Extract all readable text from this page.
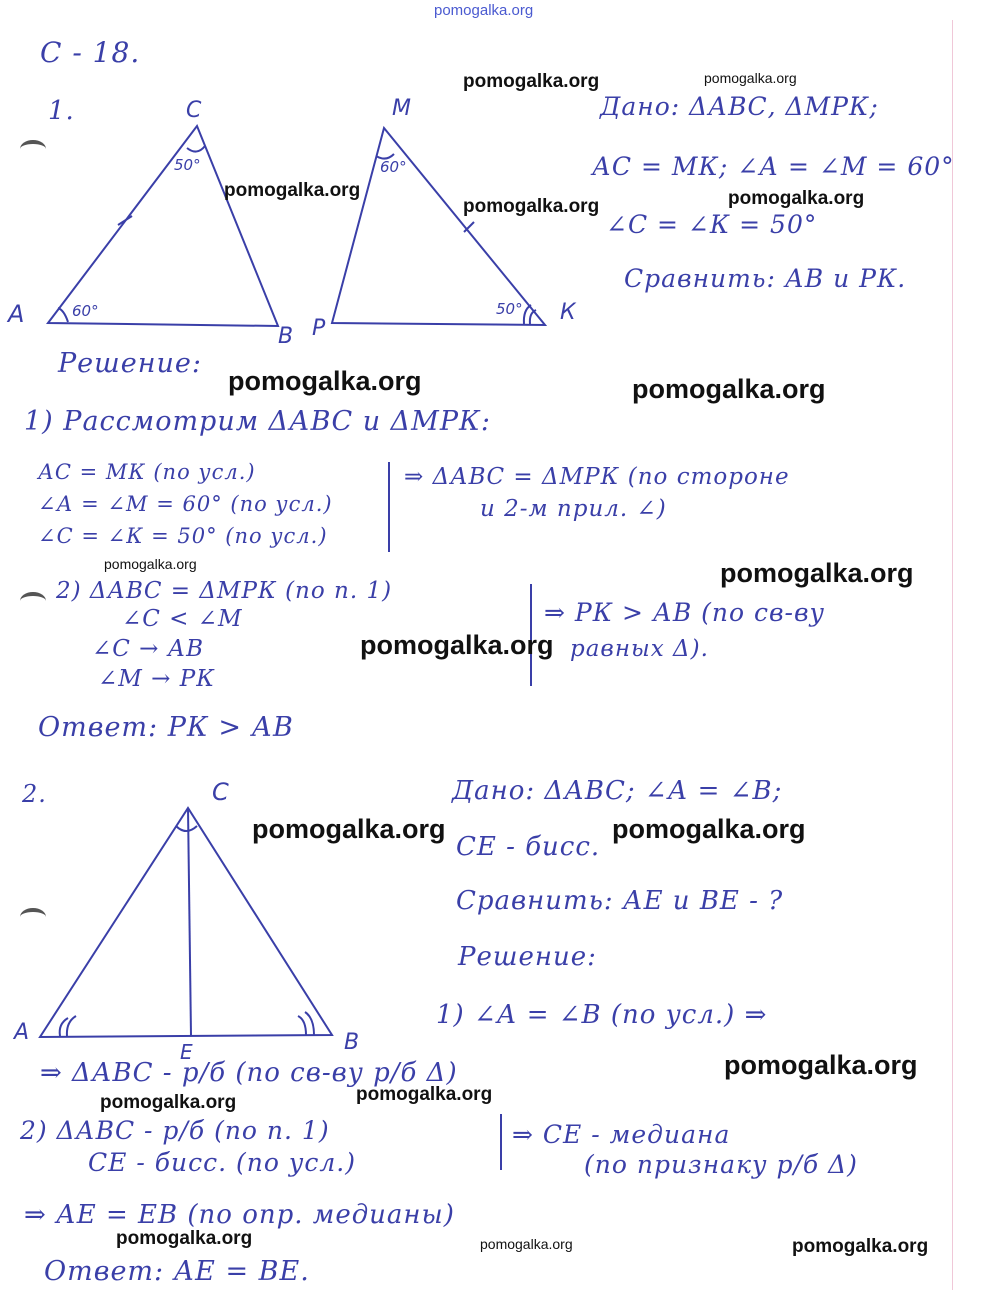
pomogalka.org
С - 18.
1.	С
А
В
50°
60°
М
Р
К
60°
50°
Дано: ΔАВС, ΔМРК;
АС = МК; ∠А = ∠М = 60°
∠С = ∠К = 50°
Сравнить: АВ и РК.
Решение:
1) Рассмотрим ΔАВС и ΔМРК:
АС = МК (по усл.)
∠А = ∠М = 60° (по усл.)
∠С = ∠К = 50° (по усл.)
⇒ ΔАВС = ΔМРК (по стороне
и 2-м прил. ∠)
2) ΔАВС = ΔМРК (по п. 1)
∠С < ∠М
∠С → АВ
∠М → РК
⇒ РК > АВ (по св-ву
равных Δ).
Ответ: РК > АВ
2.	С
А	В
Е
Дано: ΔАВС; ∠А = ∠В;
СЕ - бисс.
Сравнить: АЕ и ВЕ - ?
Решение:
1) ∠А = ∠В (по усл.) ⇒
⇒ ΔАВС - р/б (по св-ву р/б Δ)
2) ΔАВС - р/б (по п. 1)
СЕ - бисс. (по усл.)
⇒ СЕ - медиана
(по признаку р/б Δ)
⇒ АЕ = ЕВ (по опр. медианы)
Ответ: АЕ = ВЕ.
pomogalka.org	pomogalka.org
pomogalka.org
pomogalka.org	pomogalka.org
pomogalka.org	pomogalka.org
pomogalka.org	pomogalka.org
pomogalka.org
pomogalka.org	pomogalka.org
pomogalka.org
pomogalka.org	pomogalka.org
pomogalka.org	pomogalka.org	pomogalka.org
